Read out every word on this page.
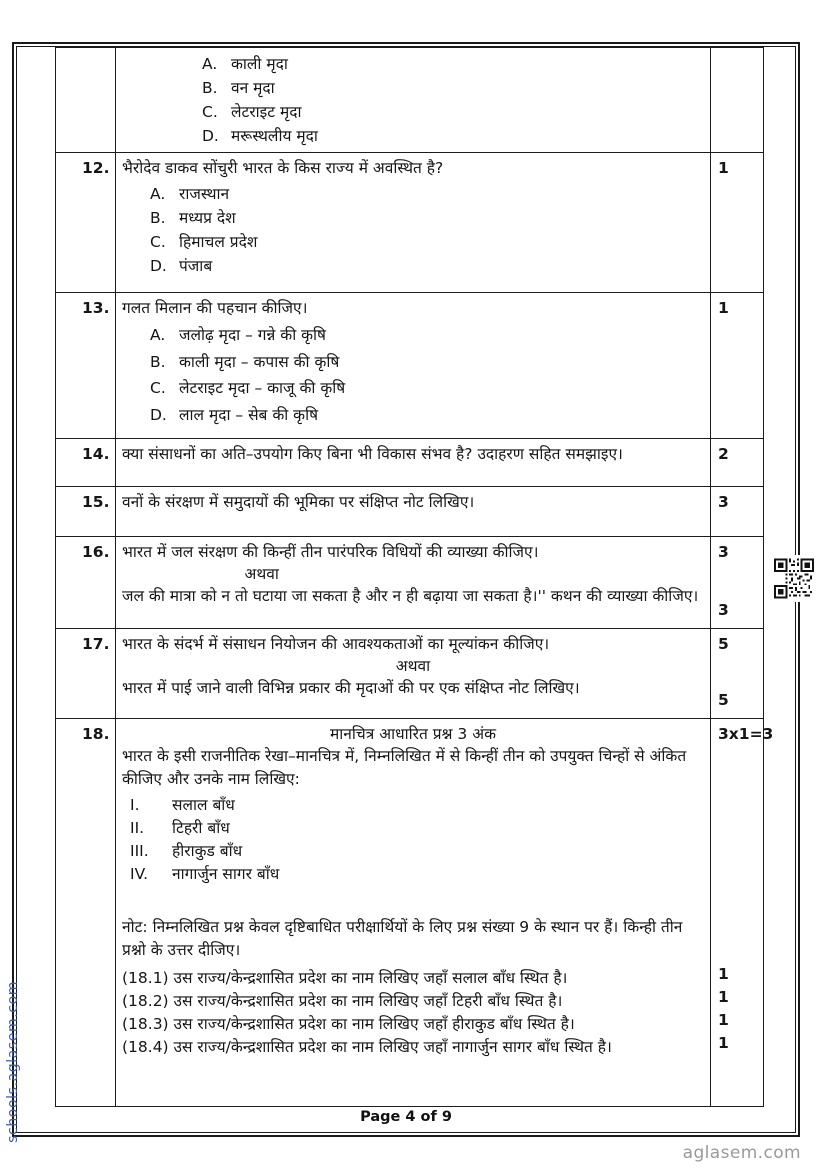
A. काली मृदा
B. वन मृदा
C. लेटराइट मृदा
D. मरूस्थलीय मृदा

12.	भैरोदेव डाकव सोंचुरी भारत के किस राज्य में अवस्थित है?
A. राजस्थान
B. मध्यप्र देश
C. हिमाचल प्रदेश
D. पंजाब
	1
13.	गलत मिलान की पहचान कीजिए।
A. जलोढ़ मृदा – गन्ने की कृषि
B. काली मृदा – कपास की कृषि
C. लेटराइट मृदा – काजू की कृषि
D. लाल मृदा – सेब की कृषि
	1
14.	क्या संसाधनों का अति–उपयोग किए बिना भी विकास संभव है? उदाहरण सहित समझाइए।	2
15.	वनों के संरक्षण में समुदायों की भूमिका पर संक्षिप्त नोट लिखिए।	3
16.	भारत में जल संरक्षण की किन्हीं तीन पारंपरिक विधियों की व्याख्या कीजिए।
अथवा
जल की मात्रा को न तो घटाया जा सकता है और न ही बढ़ाया जा सकता है।'' कथन की व्याख्या कीजिए।
	3
3

17.	भारत के संदर्भ में संसाधन नियोजन की आवश्यकताओं का मूल्यांकन कीजिए।
अथवा
भारत में पाई जाने वाली विभिन्न प्रकार की मृदाओं की पर एक संक्षिप्त नोट लिखिए।
	5
5

18.	मानचित्र आधारित प्रश्न 3 अंक
भारत के इसी राजनीतिक रेखा–मानचित्र में, निम्नलिखित में से किन्हीं तीन को उपयुक्त चिन्हों से अंकित कीजिए और उनके नाम लिखिए:
I.	सलाल बाँध
II.	टिहरी बाँध
III.	हीराकुड बाँध
IV.	नागार्जुन सागर बाँध
नोट: निम्नलिखित प्रश्न केवल दृष्टिबाधित परीक्षार्थियों के लिए प्रश्न संख्या 9 के स्थान पर हैं। किन्ही तीन प्रश्नो के उत्तर दीजिए।
(18.1) उस राज्य/केन्द्रशासित प्रदेश का नाम लिखिए जहाँ सलाल बाँध स्थित है।
(18.2) उस राज्य/केन्द्रशासित प्रदेश का नाम लिखिए जहाँ टिहरी बाँध स्थित है।
(18.3) उस राज्य/केन्द्रशासित प्रदेश का नाम लिखिए जहाँ हीराकुड बाँध स्थित है।
(18.4) उस राज्य/केन्द्रशासित प्रदेश का नाम लिखिए जहाँ नागार्जुन सागर बाँध स्थित है।
	3x1=3
1
1
1
1
Page 4 of 9
schools.aglasem.com
aglasem.com
